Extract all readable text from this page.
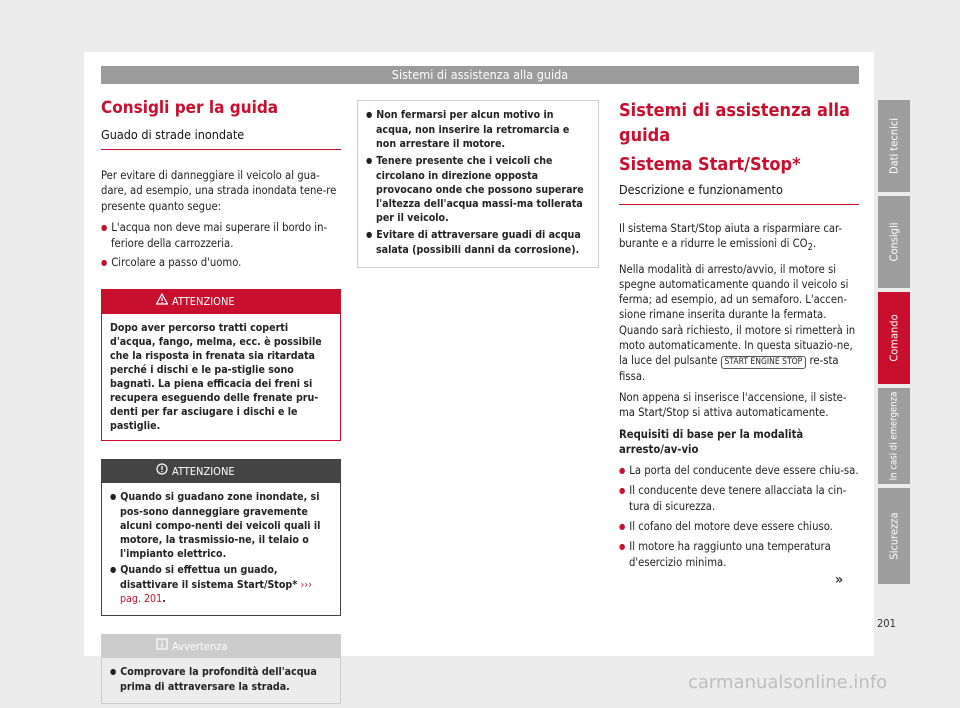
Sistemi di assistenza alla guida
Consigli per la guida
Guado di strade inondate

Per evitare di danneggiare il veicolo al gua-dare, ad esempio, una strada inondata tene-re presente quanto segue:

● L'acqua non deve mai superare il bordo in-feriore della carrozzeria.
● Circolare a passo d'uomo.
ATTENZIONE
Dopo aver percorso tratti coperti d'acqua, fango, melma, ecc. è possibile che la risposta in frenata sia ritardata perché i dischi e le pa-stiglie sono bagnati. La piena efficacia dei freni si recupera eseguendo delle frenate pru-denti per far asciugare i dischi e le pastiglie.
ATTENZIONE
● Quando si guadano zone inondate, si pos-sono danneggiare gravemente alcuni compo-nenti dei veicoli quali il motore, la trasmissio-ne, il telaio o l'impianto elettrico.
● Quando si effettua un guado, disattivare il sistema Start/Stop* ››› pag. 201.
Avvertenza
● Comprovare la profondità dell'acqua prima di attraversare la strada.
● Non fermarsi per alcun motivo in acqua, non inserire la retromarcia e non arrestare il motore.
● Tenere presente che i veicoli che circolano in direzione opposta provocano onde che possono superare l'altezza dell'acqua massi-ma tollerata per il veicolo.
● Evitare di attraversare guadi di acqua salata (possibili danni da corrosione).
Sistemi di assistenza alla guida
Sistema Start/Stop*
Descrizione e funzionamento

Il sistema Start/Stop aiuta a risparmiare car-burante e a ridurre le emissioni di $CO_2$.

Nella modalità di arresto/avvio, il motore si spegne automaticamente quando il veicolo si ferma; ad esempio, ad un semaforo. L'accen-sione rimane inserita durante la fermata. Quando sarà richiesto, il motore si rimetterà in moto automaticamente. In questa situazio-ne, la luce del pulsante START ENGINE STOP re-sta fissa.

Non appena si inserisce l'accensione, il siste-ma Start/Stop si attiva automaticamente.

Requisiti di base per la modalità arresto/av-vio

● La porta del conducente deve essere chiu-sa.
● Il conducente deve tenere allacciata la cin-tura di sicurezza.
● Il cofano del motore deve essere chiuso.
● Il motore ha raggiunto una temperatura d'esercizio minima.
»
Dati tecnici
Consigli
Comando
In casi di emergenza
Sicurezza
201
carmanualsonline.info
